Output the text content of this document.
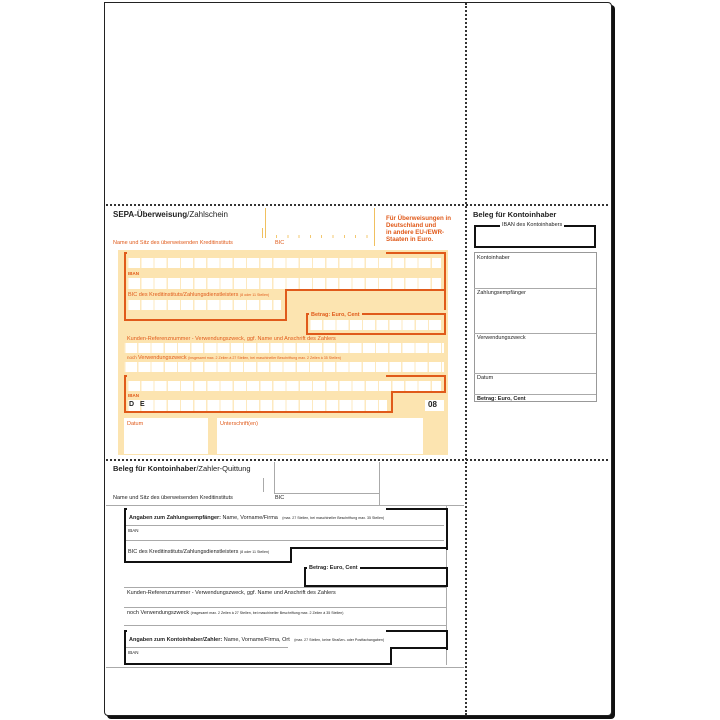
SEPA-Überweisung/Zahlschein
Name und Sitz des überweisenden Kreditinstituts	BIC
Für Überweisungen in
Deutschland und
in andere EU-/EWR-
Staaten in Euro.
IBAN
BIC des Kreditinstituts/Zahlungsdienstleisters (8 oder 11 Stellen)
Betrag: Euro, Cent
Kunden-Referenznummer - Verwendungszweck, ggf. Name und Anschrift des Zahlers
noch Verwendungszweck (insgesamt max. 2 Zeilen à 27 Stellen, bei maschineller Beschriftung max. 2 Zeilen à 35 Stellen)
IBAN
D E	08
Datum	Unterschrift(en)
Beleg für Kontoinhaber
IBAN des Kontoinhabers
Kontoinhaber
Zahlungsempfänger
Verwendungszweck
Datum
Betrag: Euro, Cent
Beleg für Kontoinhaber/Zahler-Quittung
Name und Sitz des überweisenden Kreditinstituts	BIC
Angaben zum Zahlungsempfänger: Name, Vorname/Firma (max. 27 Stellen, bei maschineller Beschriftung max. 35 Stellen)
IBAN
BIC des Kreditinstituts/Zahlungsdienstleisters (8 oder 11 Stellen)
Betrag: Euro, Cent
Kunden-Referenznummer - Verwendungszweck, ggf. Name und Anschrift des Zahlers
noch Verwendungszweck (insgesamt max. 2 Zeilen à 27 Stellen, bei maschineller Beschriftung max. 2 Zeilen à 35 Stellen)
Angaben zum Kontoinhaber/Zahler: Name, Vorname/Firma, Ort (max. 27 Stellen, keine Straßen- oder Postfachangaben)
IBAN
